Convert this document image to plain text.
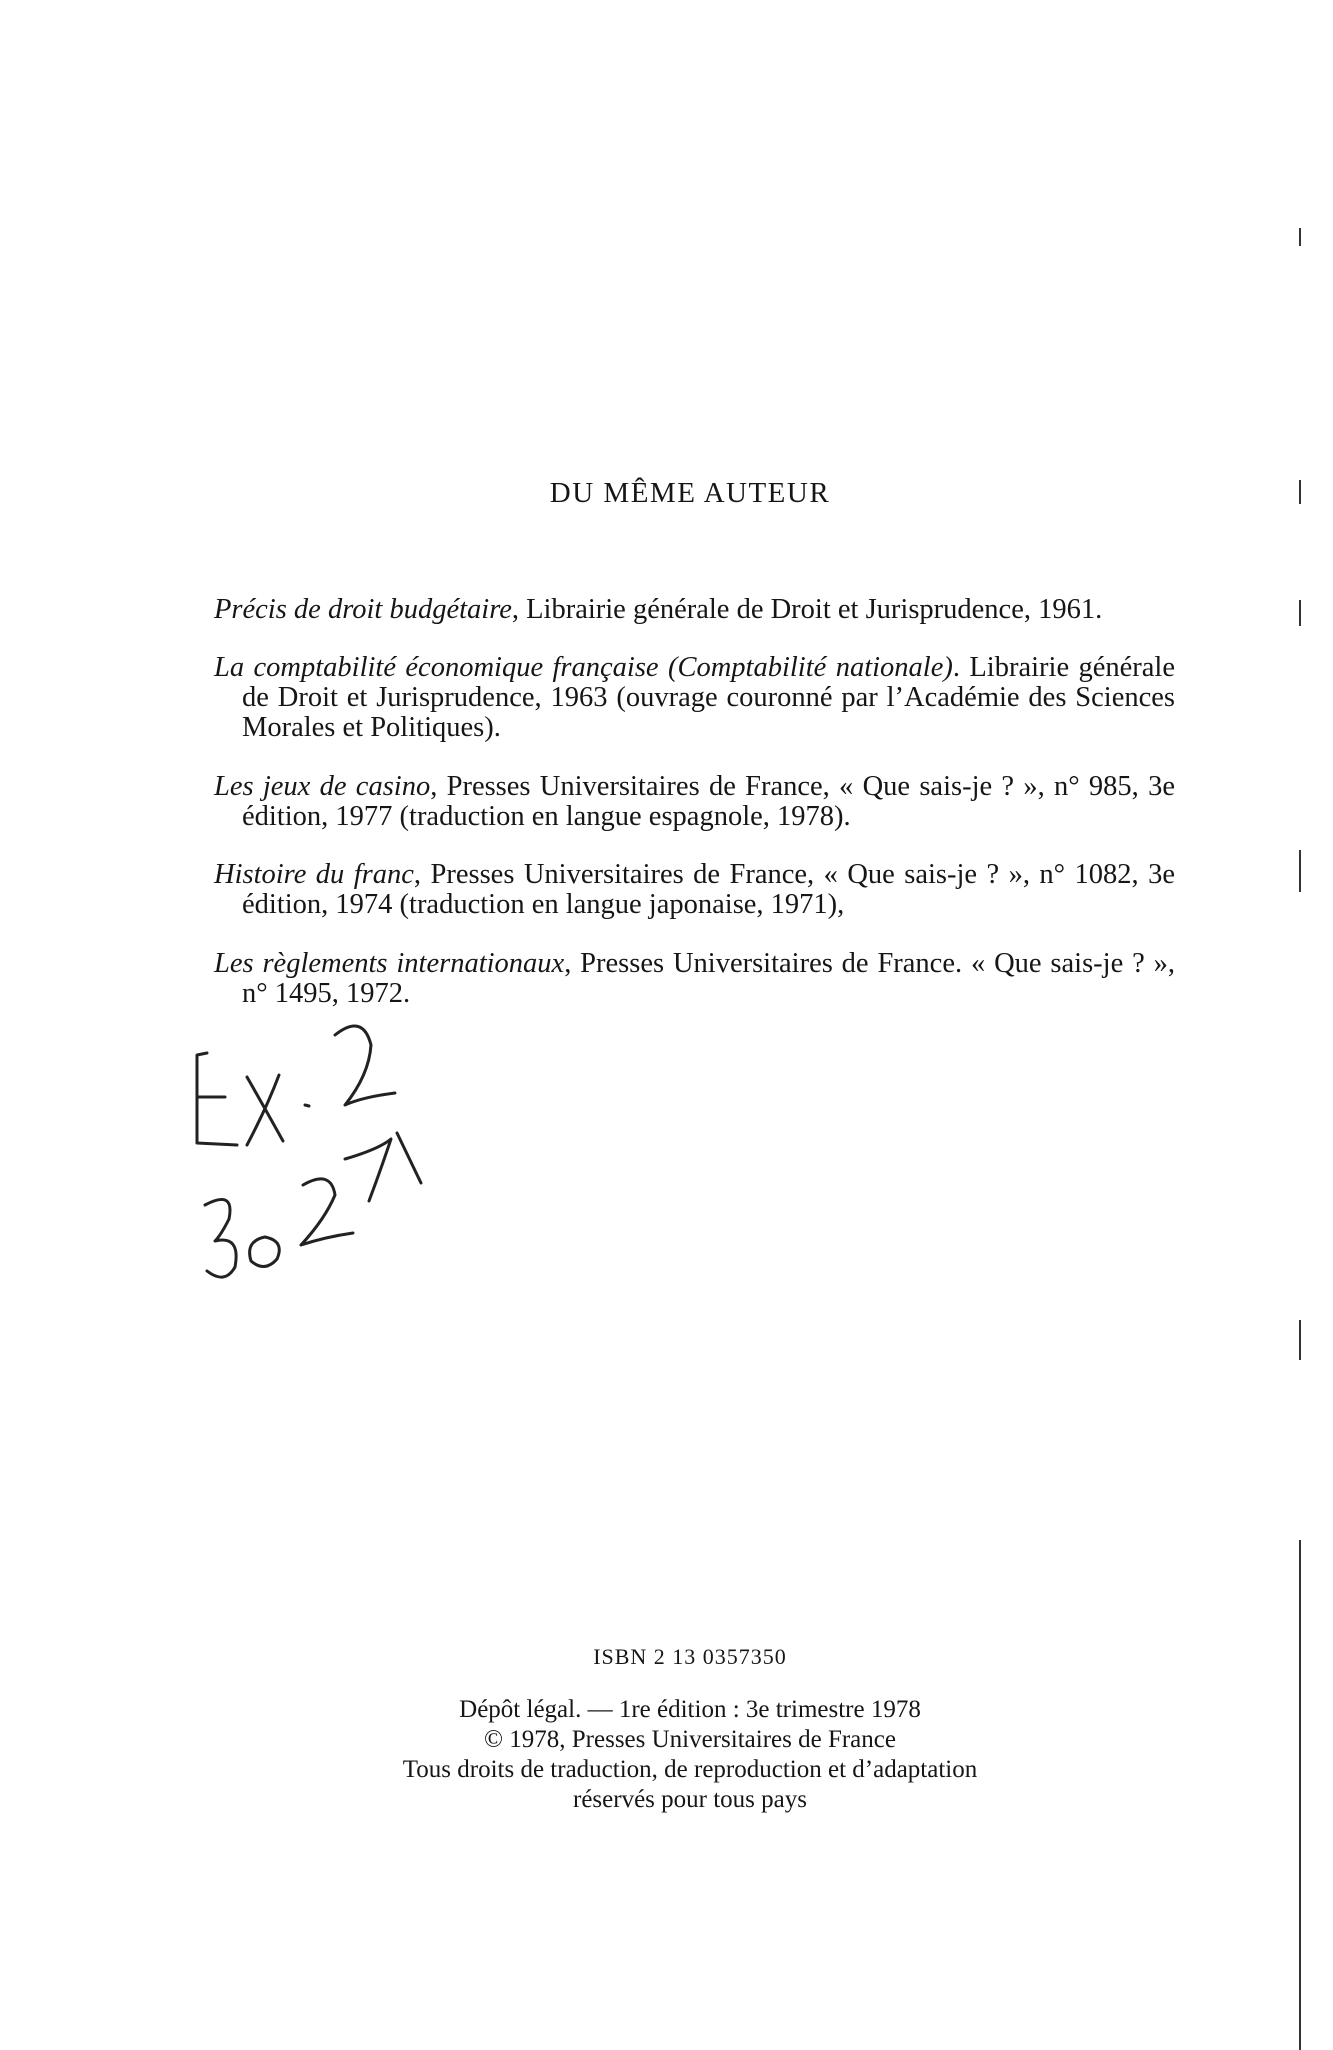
DU MÊME AUTEUR

Précis de droit budgétaire, Librairie générale de Droit et Jurisprudence, 1961.

La comptabilité économique française (Comptabilité nationale). Librairie générale de Droit et Jurisprudence, 1963 (ouvrage couronné par l’Académie des Sciences Morales et Politiques).

Les jeux de casino, Presses Universitaires de France, « Que sais-je ? », n° 985, 3e édition, 1977 (traduction en langue espagnole, 1978).

Histoire du franc, Presses Universitaires de France, « Que sais-je ? », n° 1082, 3e édition, 1974 (traduction en langue japonaise, 1971),

Les règlements internationaux, Presses Universitaires de France. « Que sais-je ? », n° 1495, 1972.

ISBN 2 13 0357350
Dépôt légal. — 1re édition : 3e trimestre 1978
© 1978, Presses Universitaires de France
Tous droits de traduction, de reproduction et d’adaptation
réservés pour tous pays
